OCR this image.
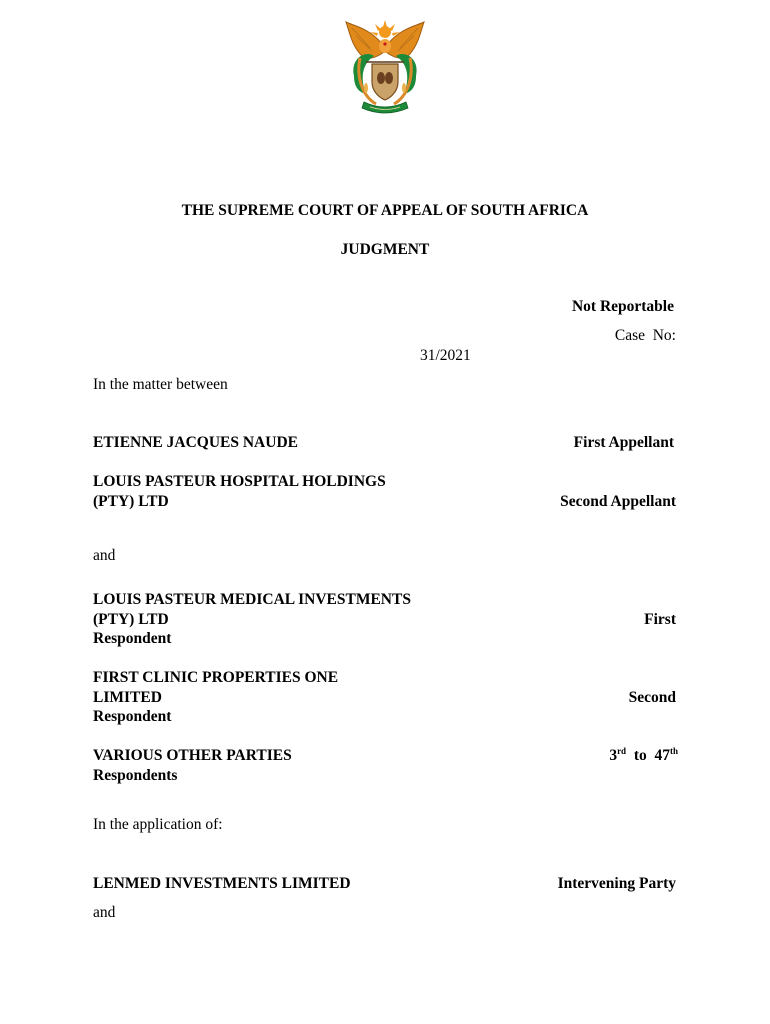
THE SUPREME COURT OF APPEAL OF SOUTH AFRICA
JUDGMENT
Not Reportable
Case  No:
31/2021
In the matter between
ETIENNE JACQUES NAUDE	First Appellant
LOUIS PASTEUR HOSPITAL HOLDINGS
(PTY) LTD	Second Appellant
and
LOUIS PASTEUR MEDICAL INVESTMENTS
(PTY) LTD	First
Respondent
FIRST CLINIC PROPERTIES ONE
LIMITED	Second
Respondent
VARIOUS OTHER PARTIES	3rd to 47th
Respondents
In the application of:
LENMED INVESTMENTS LIMITED	Intervening Party
and
